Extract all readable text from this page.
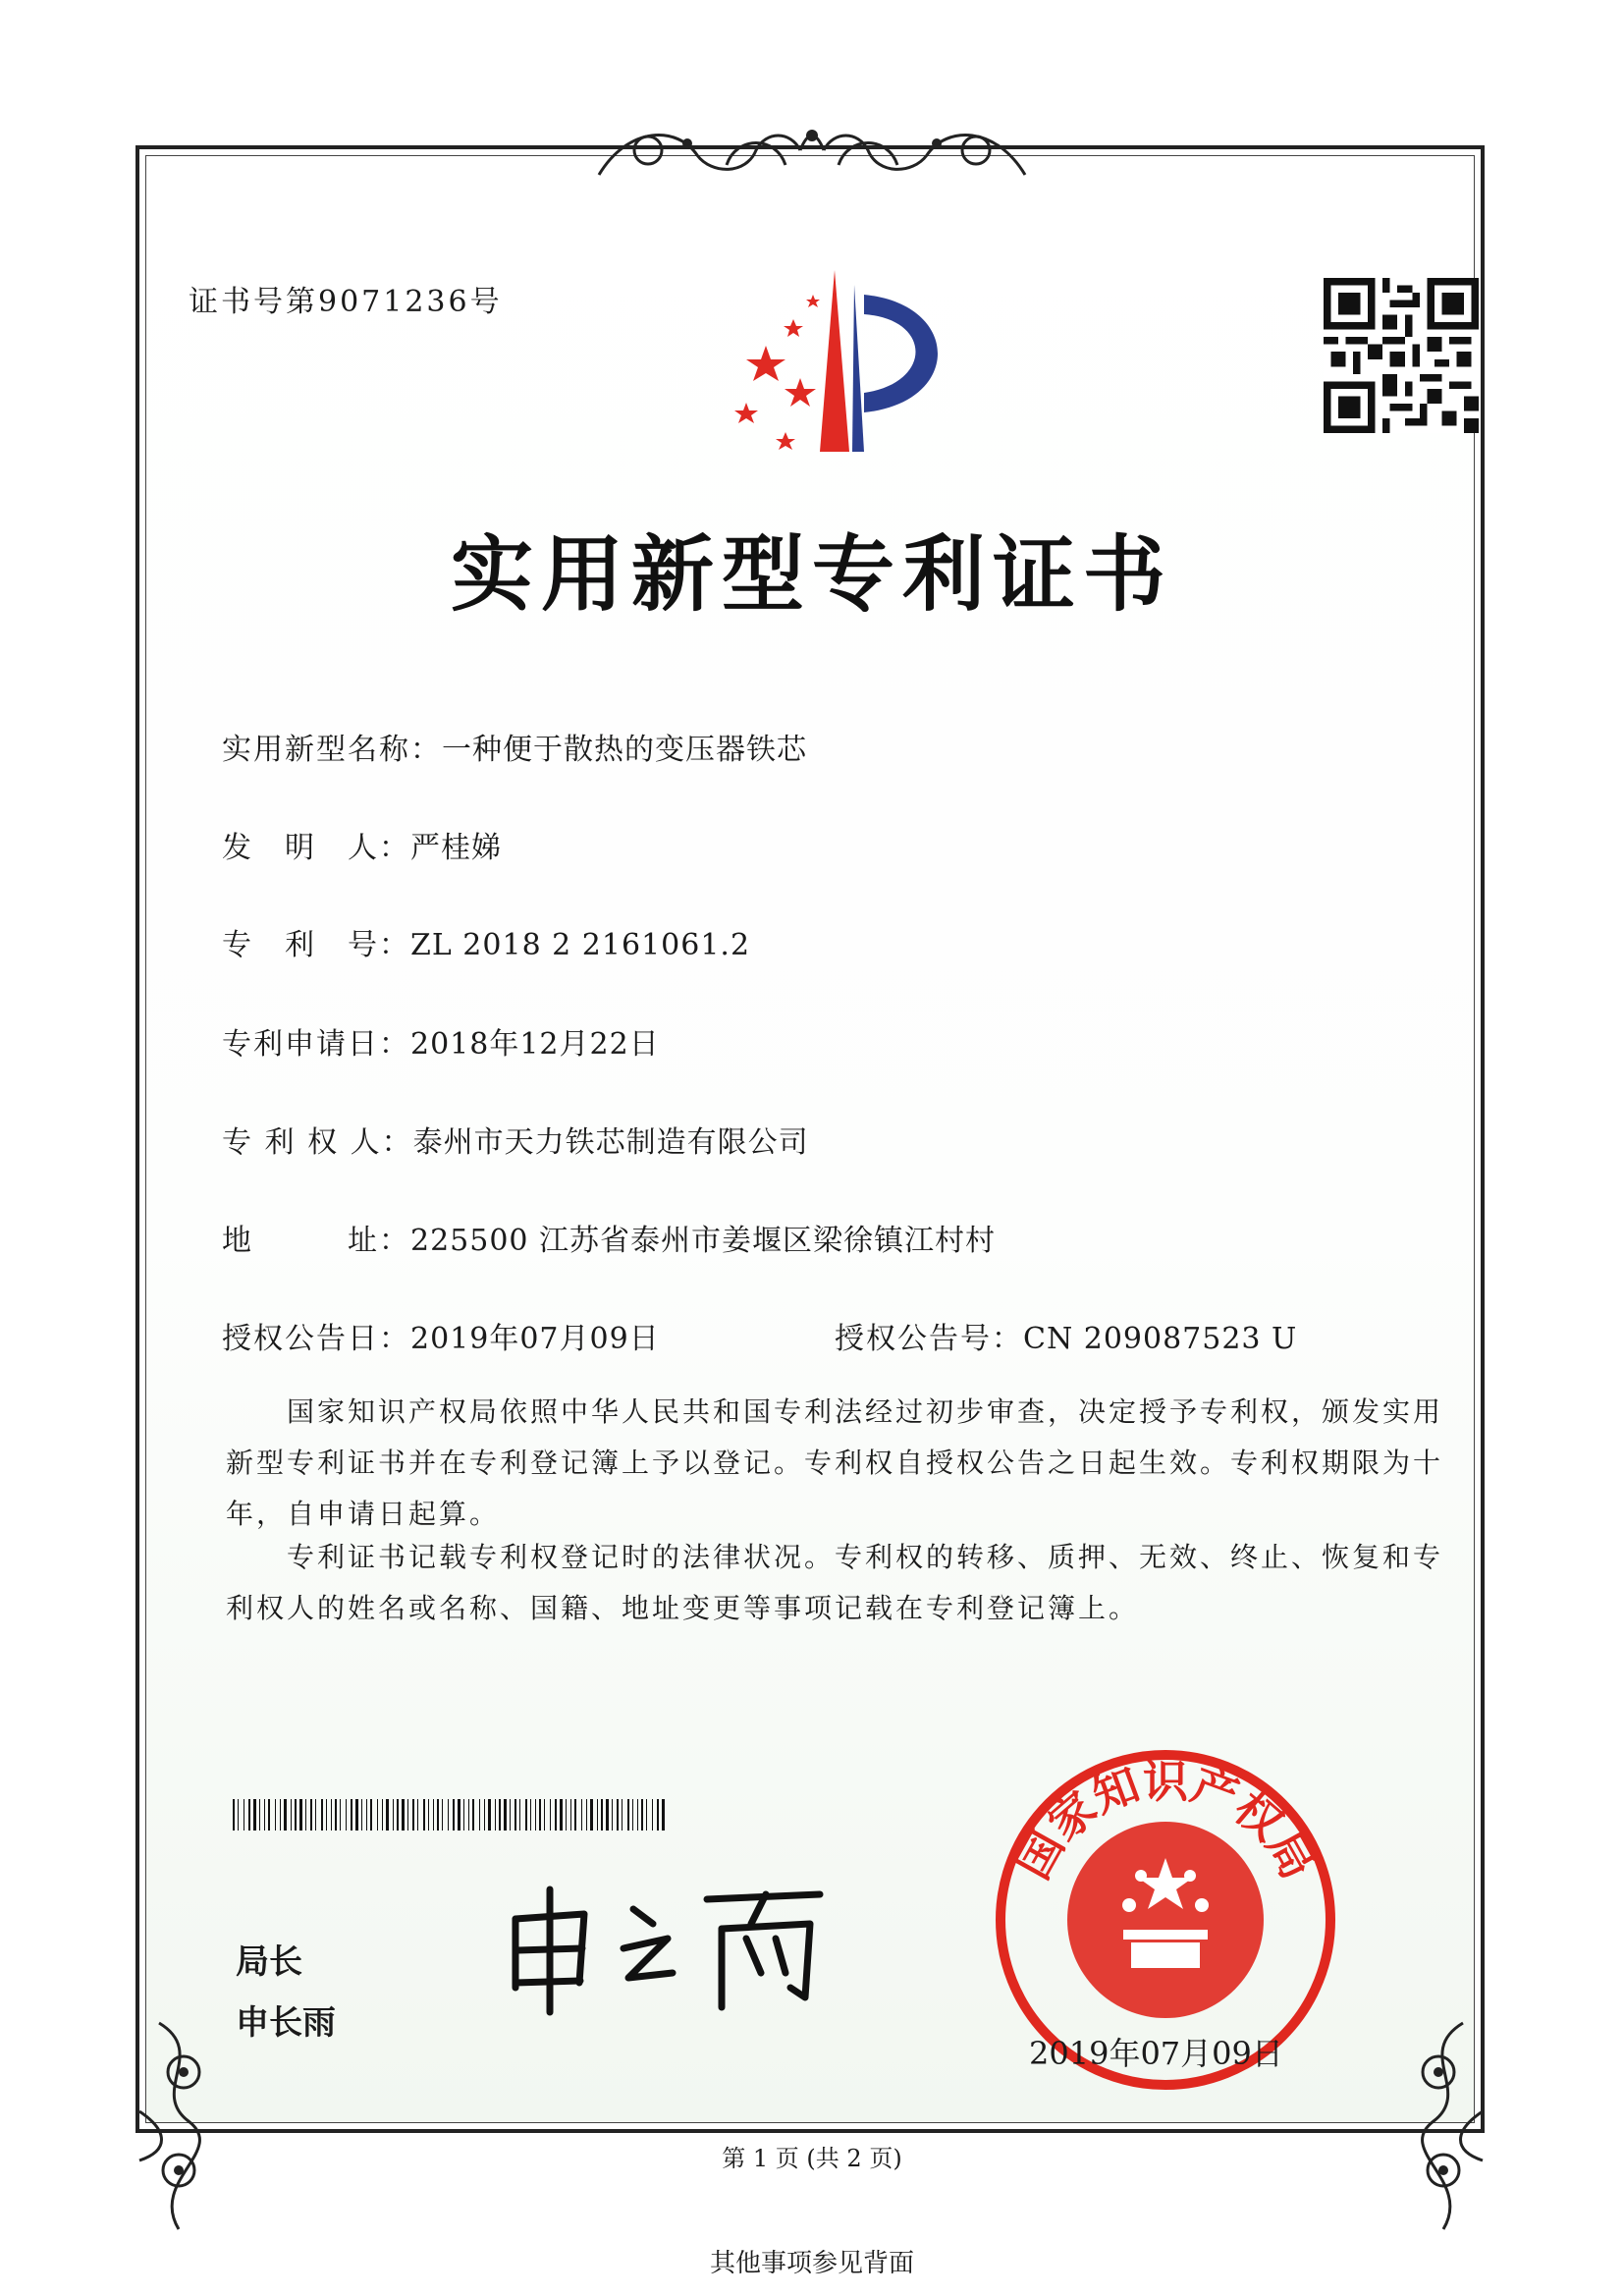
证书号第9071236号
实用新型专利证书
实用新型名称：一种便于散热的变压器铁芯
发　明　人：严桂娣
专　利　号：ZL 2018 2 2161061.2
专利申请日：2018年12月22日
专 利 权 人：泰州市天力铁芯制造有限公司
地　　　址：225500 江苏省泰州市姜堰区梁徐镇江村村
授权公告日：2019年07月09日	授权公告号：CN 209087523 U
国家知识产权局依照中华人民共和国专利法经过初步审查，决定授予专利权，颁发实用新型专利证书并在专利登记簿上予以登记。专利权自授权公告之日起生效。专利权期限为十年，自申请日起算。
专利证书记载专利权登记时的法律状况。专利权的转移、质押、无效、终止、恢复和专利权人的姓名或名称、国籍、地址变更等事项记载在专利登记簿上。
局长
申长雨
国家知识产权局
2019年07月09日
第 1 页 (共 2 页)
其他事项参见背面
